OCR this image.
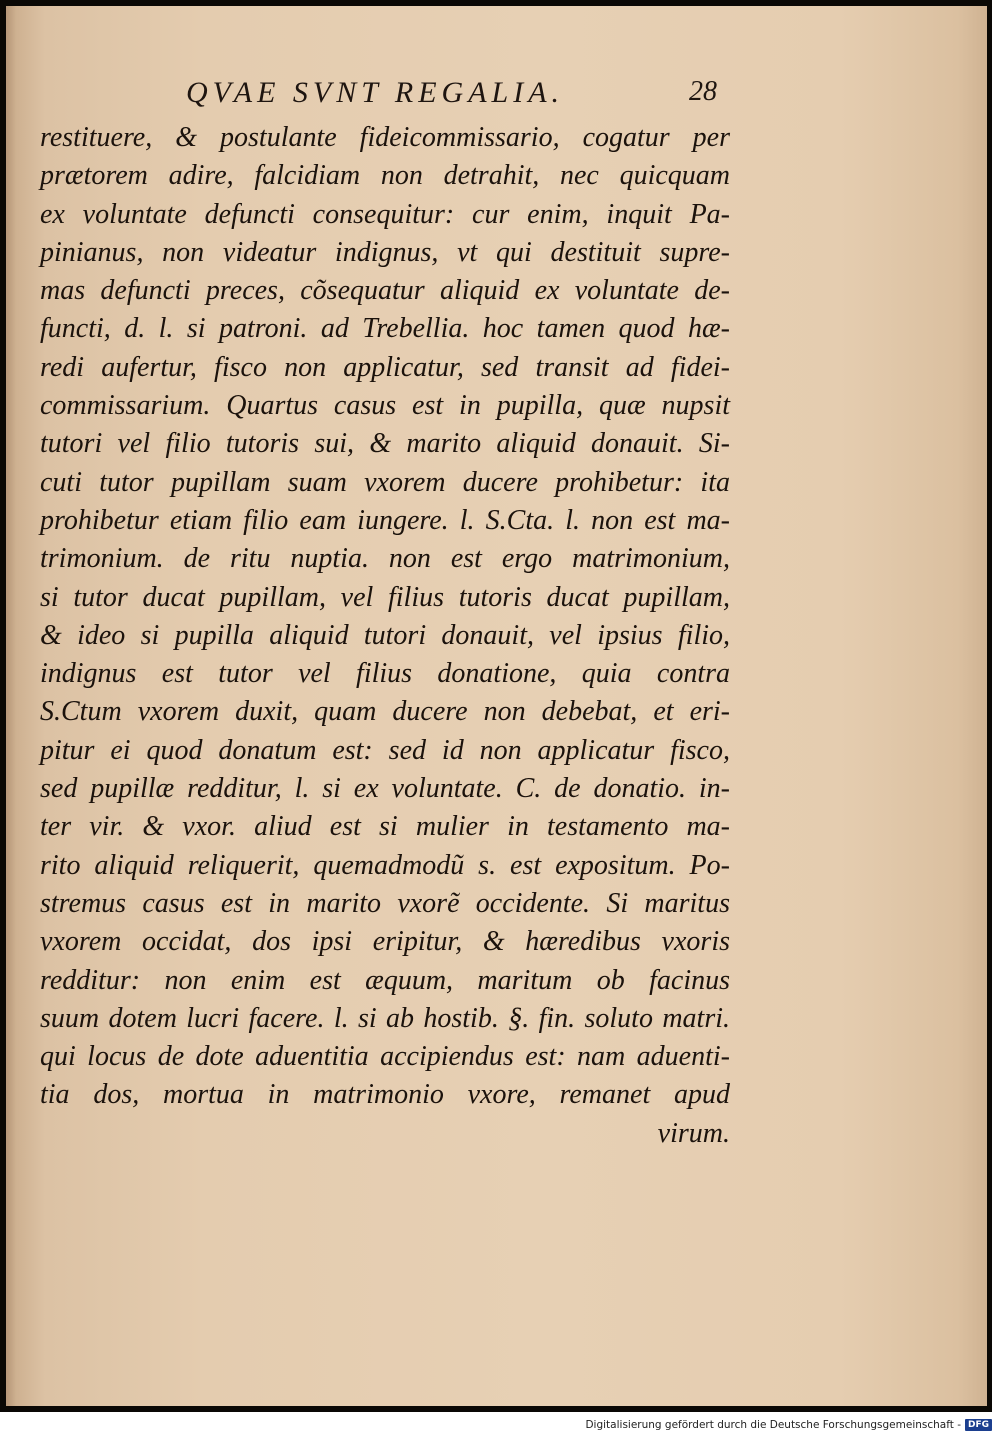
QVAE SVNT REGALIA.	28
restituere, & postulante fideicommissario, cogatur per
prætorem adire, falcidiam non detrahit, nec quicquam
ex voluntate defuncti consequitur: cur enim, inquit Pa-
pinianus, non videatur indignus, vt qui destituit supre-
mas defuncti preces, cõsequatur aliquid ex voluntate de-
functi, d. l. si patroni. ad Trebellia. hoc tamen quod hæ-
redi aufertur, fisco non applicatur, sed transit ad fidei-
commissarium. Quartus casus est in pupilla, quæ nupsit
tutori vel filio tutoris sui, & marito aliquid donauit. Si-
cuti tutor pupillam suam vxorem ducere prohibetur: ita
prohibetur etiam filio eam iungere. l. S.Cta. l. non est ma-
trimonium. de ritu nuptia. non est ergo matrimonium,
si tutor ducat pupillam, vel filius tutoris ducat pupillam,
& ideo si pupilla aliquid tutori donauit, vel ipsius filio,
indignus est tutor vel filius donatione, quia contra
S.Ctum vxorem duxit, quam ducere non debebat, et eri-
pitur ei quod donatum est: sed id non applicatur fisco,
sed pupillæ redditur, l. si ex voluntate. C. de donatio. in-
ter vir. & vxor. aliud est si mulier in testamento ma-
rito aliquid reliquerit, quemadmodũ s. est expositum. Po-
stremus casus est in marito vxorẽ occidente. Si maritus
vxorem occidat, dos ipsi eripitur, & hæredibus vxoris
redditur: non enim est æquum, maritum ob facinus
suum dotem lucri facere. l. si ab hostib. §. fin. soluto matri.
qui locus de dote aduentitia accipiendus est: nam aduenti-
tia dos, mortua in matrimonio vxore, remanet apud
virum.
Digitalisierung gefördert durch die Deutsche Forschungsgemeinschaft - DFG
